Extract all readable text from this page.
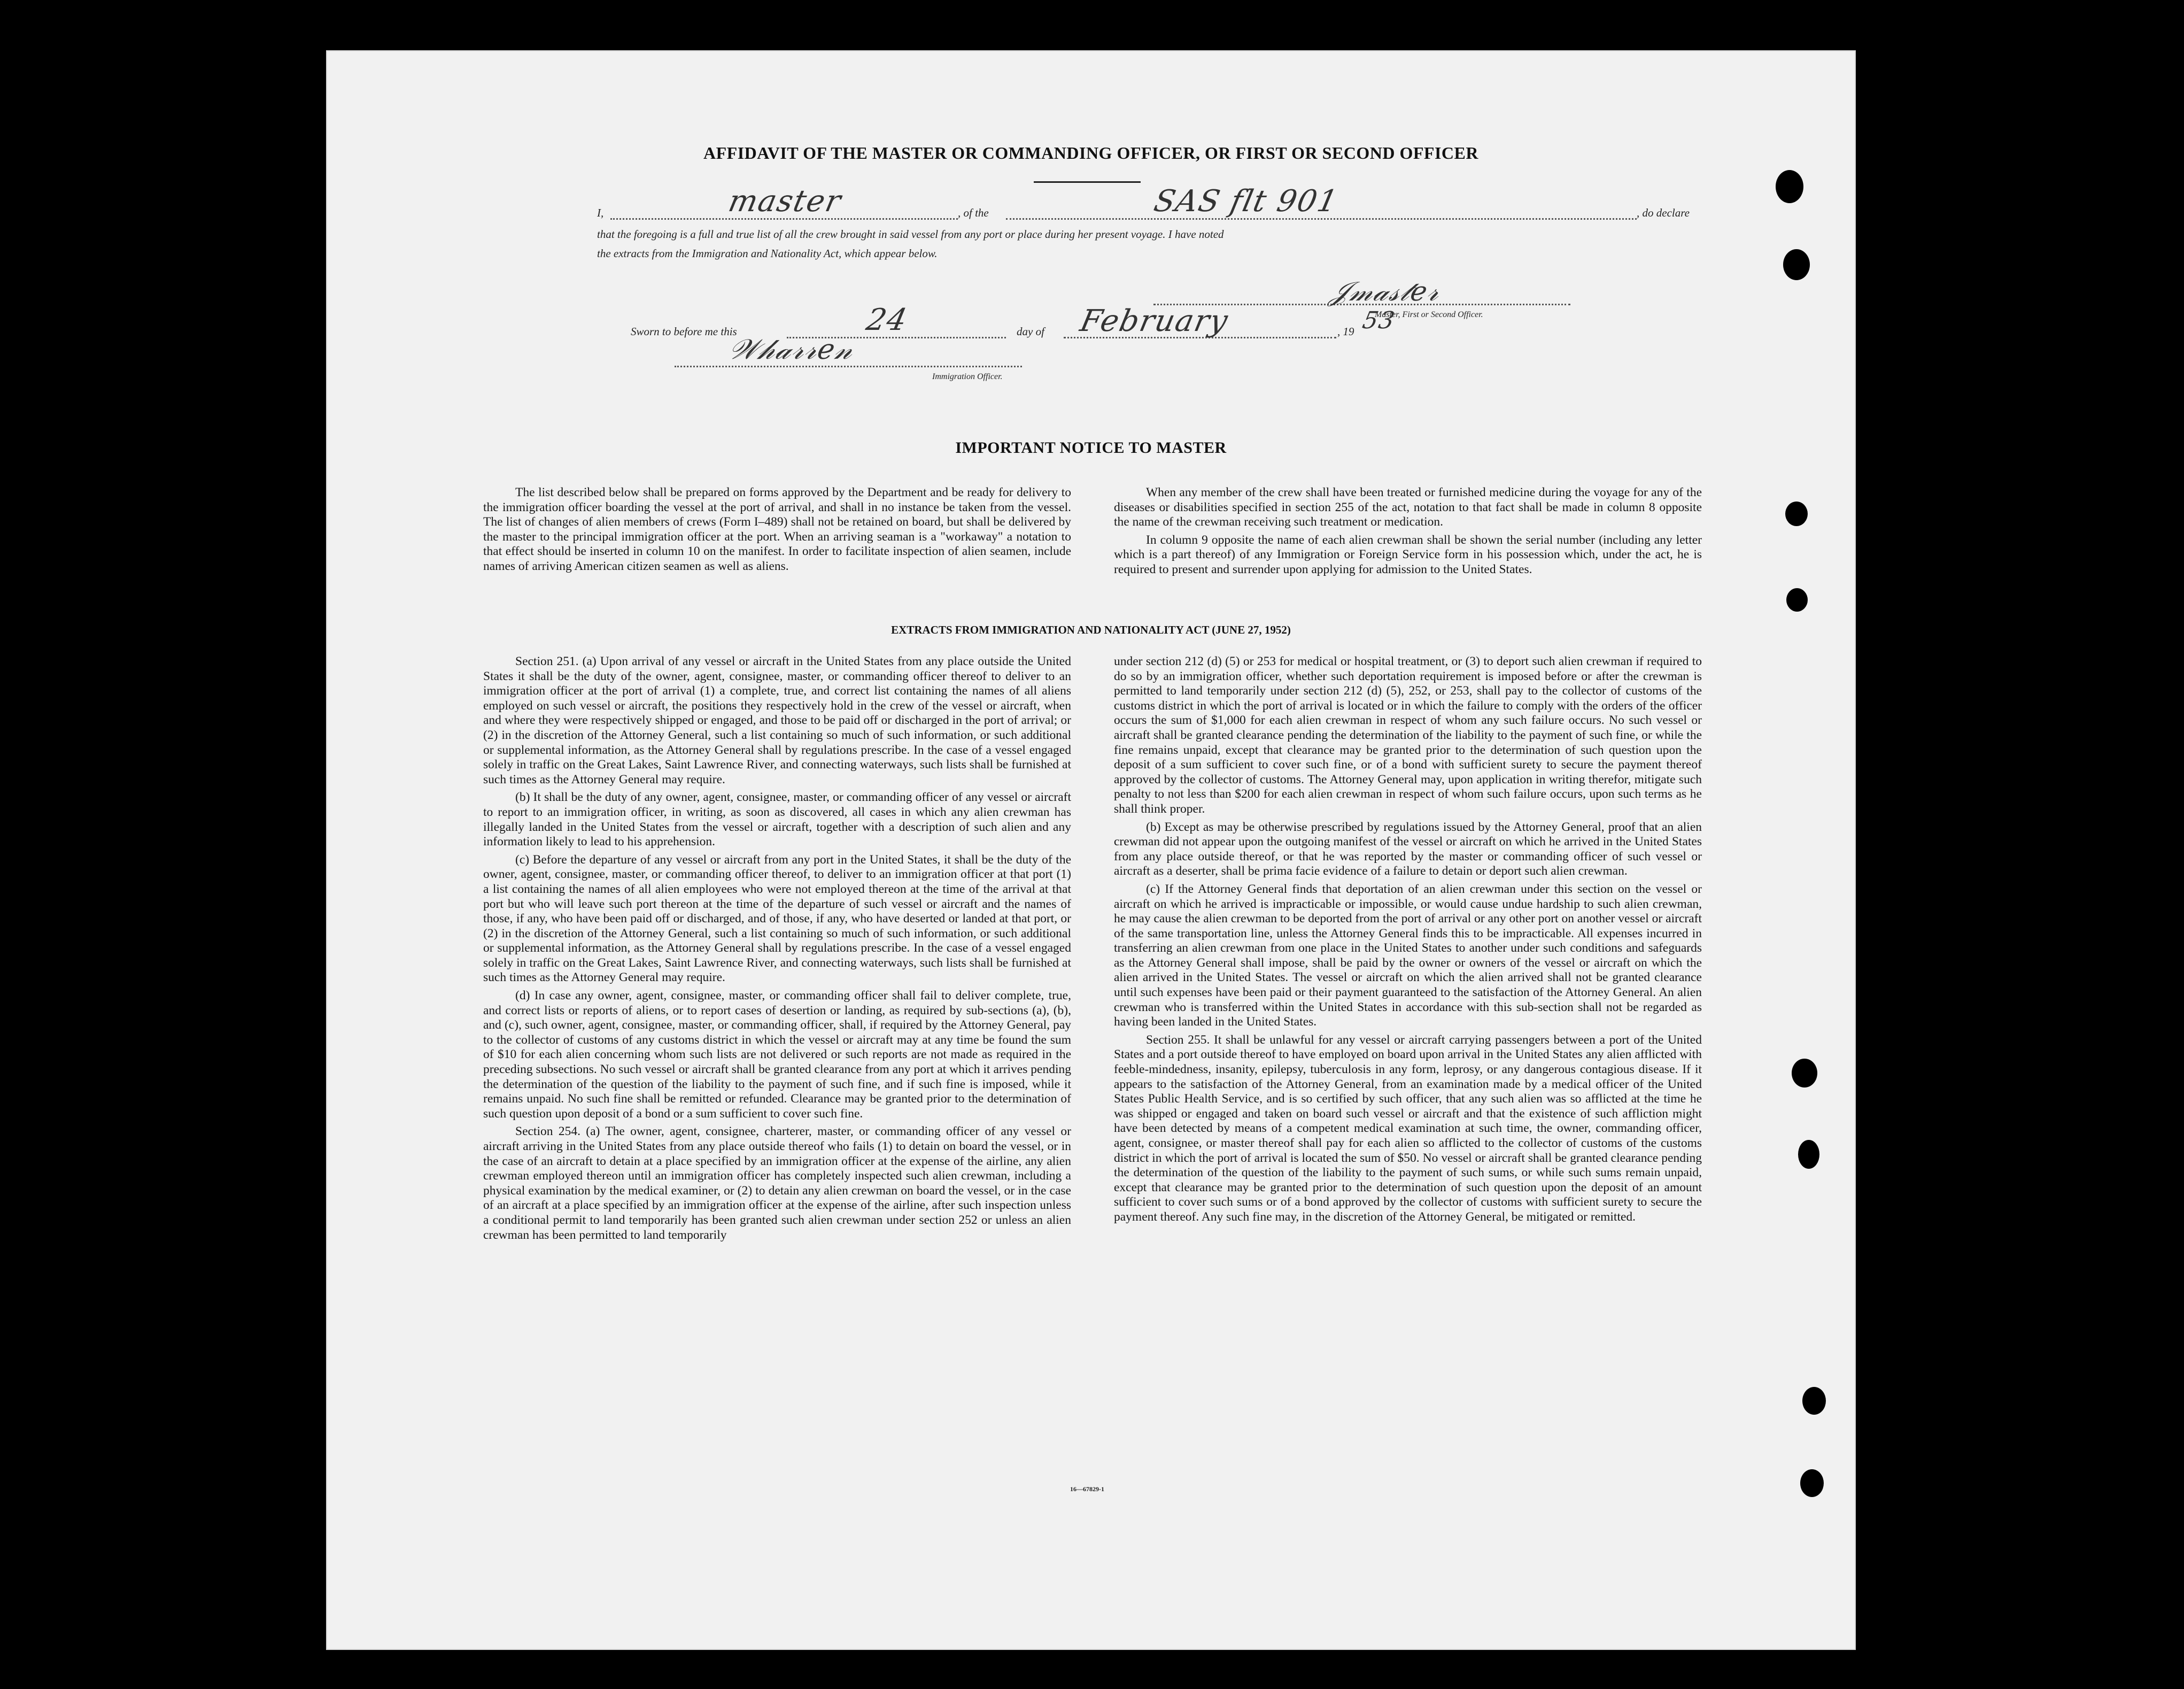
AFFIDAVIT OF THE MASTER OR COMMANDING OFFICER, OR FIRST OR SECOND OFFICER
I,	master	, of the	SAS flt 901	, do declare
that the foregoing is a full and true list of all the crew brought in said vessel from any port or place during her present voyage. I have noted
the extracts from the Immigration and Nationality Act, which appear below.
𝒥𝓂𝒶𝓈𝓉𝑒𝓇
Master, First or Second Officer.
Sworn to before me this	24	day of February	, 19 53
𝒲𝒽𝒶𝓇𝓇𝑒𝓃
Immigration Officer.
IMPORTANT NOTICE TO MASTER

The list described below shall be prepared on forms approved by the Department and be ready for delivery to the immigration officer boarding the vessel at the port of arrival, and shall in no instance be taken from the vessel. The list of changes of alien members of crews (Form I–489) shall not be retained on board, but shall be delivered by the master to the principal immigration officer at the port. When an arriving seaman is a "workaway" a notation to that effect should be inserted in column 10 on the manifest. In order to facilitate inspection of alien seamen, include names of arriving American citizen seamen as well as aliens.

When any member of the crew shall have been treated or furnished medicine during the voyage for any of the diseases or disabilities specified in section 255 of the act, notation to that fact shall be made in column 8 opposite the name of the crewman receiving such treatment or medication.

In column 9 opposite the name of each alien crewman shall be shown the serial number (including any letter which is a part thereof) of any Immigration or Foreign Service form in his possession which, under the act, he is required to present and surrender upon applying for admission to the United States.

EXTRACTS FROM IMMIGRATION AND NATIONALITY ACT (JUNE 27, 1952)

Section 251. (a) Upon arrival of any vessel or aircraft in the United States from any place outside the United States it shall be the duty of the owner, agent, consignee, master, or commanding officer thereof to deliver to an immigration officer at the port of arrival (1) a complete, true, and correct list containing the names of all aliens employed on such vessel or aircraft, the positions they respectively hold in the crew of the vessel or aircraft, when and where they were respectively shipped or engaged, and those to be paid off or discharged in the port of arrival; or (2) in the discretion of the Attorney General, such a list containing so much of such information, or such additional or supplemental information, as the Attorney General shall by regulations prescribe. In the case of a vessel engaged solely in traffic on the Great Lakes, Saint Lawrence River, and connecting waterways, such lists shall be furnished at such times as the Attorney General may require.

(b) It shall be the duty of any owner, agent, consignee, master, or commanding officer of any vessel or aircraft to report to an immigration officer, in writing, as soon as discovered, all cases in which any alien crewman has illegally landed in the United States from the vessel or aircraft, together with a description of such alien and any information likely to lead to his apprehension.

(c) Before the departure of any vessel or aircraft from any port in the United States, it shall be the duty of the owner, agent, consignee, master, or commanding officer thereof, to deliver to an immigration officer at that port (1) a list containing the names of all alien employees who were not employed thereon at the time of the arrival at that port but who will leave such port thereon at the time of the departure of such vessel or aircraft and the names of those, if any, who have been paid off or discharged, and of those, if any, who have deserted or landed at that port, or (2) in the discretion of the Attorney General, such a list containing so much of such information, or such additional or supplemental information, as the Attorney General shall by regulations prescribe. In the case of a vessel engaged solely in traffic on the Great Lakes, Saint Lawrence River, and connecting waterways, such lists shall be furnished at such times as the Attorney General may require.

(d) In case any owner, agent, consignee, master, or commanding officer shall fail to deliver complete, true, and correct lists or reports of aliens, or to report cases of desertion or landing, as required by sub-sections (a), (b), and (c), such owner, agent, consignee, master, or commanding officer, shall, if required by the Attorney General, pay to the collector of customs of any customs district in which the vessel or aircraft may at any time be found the sum of $10 for each alien concerning whom such lists are not delivered or such reports are not made as required in the preceding subsections. No such vessel or aircraft shall be granted clearance from any port at which it arrives pending the determination of the question of the liability to the payment of such fine, and if such fine is imposed, while it remains unpaid. No such fine shall be remitted or refunded. Clearance may be granted prior to the determination of such question upon deposit of a bond or a sum sufficient to cover such fine.

Section 254. (a) The owner, agent, consignee, charterer, master, or commanding officer of any vessel or aircraft arriving in the United States from any place outside thereof who fails (1) to detain on board the vessel, or in the case of an aircraft to detain at a place specified by an immigration officer at the expense of the airline, any alien crewman employed thereon until an immigration officer has completely inspected such alien crewman, including a physical examination by the medical examiner, or (2) to detain any alien crewman on board the vessel, or in the case of an aircraft at a place specified by an immigration officer at the expense of the airline, after such inspection unless a conditional permit to land temporarily has been granted such alien crewman under section 252 or unless an alien crewman has been permitted to land temporarily

under section 212 (d) (5) or 253 for medical or hospital treatment, or (3) to deport such alien crewman if required to do so by an immigration officer, whether such deportation requirement is imposed before or after the crewman is permitted to land temporarily under section 212 (d) (5), 252, or 253, shall pay to the collector of customs of the customs district in which the port of arrival is located or in which the failure to comply with the orders of the officer occurs the sum of $1,000 for each alien crewman in respect of whom any such failure occurs. No such vessel or aircraft shall be granted clearance pending the determination of the liability to the payment of such fine, or while the fine remains unpaid, except that clearance may be granted prior to the determination of such question upon the deposit of a sum sufficient to cover such fine, or of a bond with sufficient surety to secure the payment thereof approved by the collector of customs. The Attorney General may, upon application in writing therefor, mitigate such penalty to not less than $200 for each alien crewman in respect of whom such failure occurs, upon such terms as he shall think proper.

(b) Except as may be otherwise prescribed by regulations issued by the Attorney General, proof that an alien crewman did not appear upon the outgoing manifest of the vessel or aircraft on which he arrived in the United States from any place outside thereof, or that he was reported by the master or commanding officer of such vessel or aircraft as a deserter, shall be prima facie evidence of a failure to detain or deport such alien crewman.

(c) If the Attorney General finds that deportation of an alien crewman under this section on the vessel or aircraft on which he arrived is impracticable or impossible, or would cause undue hardship to such alien crewman, he may cause the alien crewman to be deported from the port of arrival or any other port on another vessel or aircraft of the same transportation line, unless the Attorney General finds this to be impracticable. All expenses incurred in transferring an alien crewman from one place in the United States to another under such conditions and safeguards as the Attorney General shall impose, shall be paid by the owner or owners of the vessel or aircraft on which the alien arrived in the United States. The vessel or aircraft on which the alien arrived shall not be granted clearance until such expenses have been paid or their payment guaranteed to the satisfaction of the Attorney General. An alien crewman who is transferred within the United States in accordance with this sub-section shall not be regarded as having been landed in the United States.

Section 255. It shall be unlawful for any vessel or aircraft carrying passengers between a port of the United States and a port outside thereof to have employed on board upon arrival in the United States any alien afflicted with feeble-mindedness, insanity, epilepsy, tuberculosis in any form, leprosy, or any dangerous contagious disease. If it appears to the satisfaction of the Attorney General, from an examination made by a medical officer of the United States Public Health Service, and is so certified by such officer, that any such alien was so afflicted at the time he was shipped or engaged and taken on board such vessel or aircraft and that the existence of such affliction might have been detected by means of a competent medical examination at such time, the owner, commanding officer, agent, consignee, or master thereof shall pay for each alien so afflicted to the collector of customs of the customs district in which the port of arrival is located the sum of $50. No vessel or aircraft shall be granted clearance pending the determination of the question of the liability to the payment of such sums, or while such sums remain unpaid, except that clearance may be granted prior to the determination of such question upon the deposit of an amount sufficient to cover such sums or of a bond approved by the collector of customs with sufficient surety to secure the payment thereof. Any such fine may, in the discretion of the Attorney General, be mitigated or remitted.

16—67829-1
